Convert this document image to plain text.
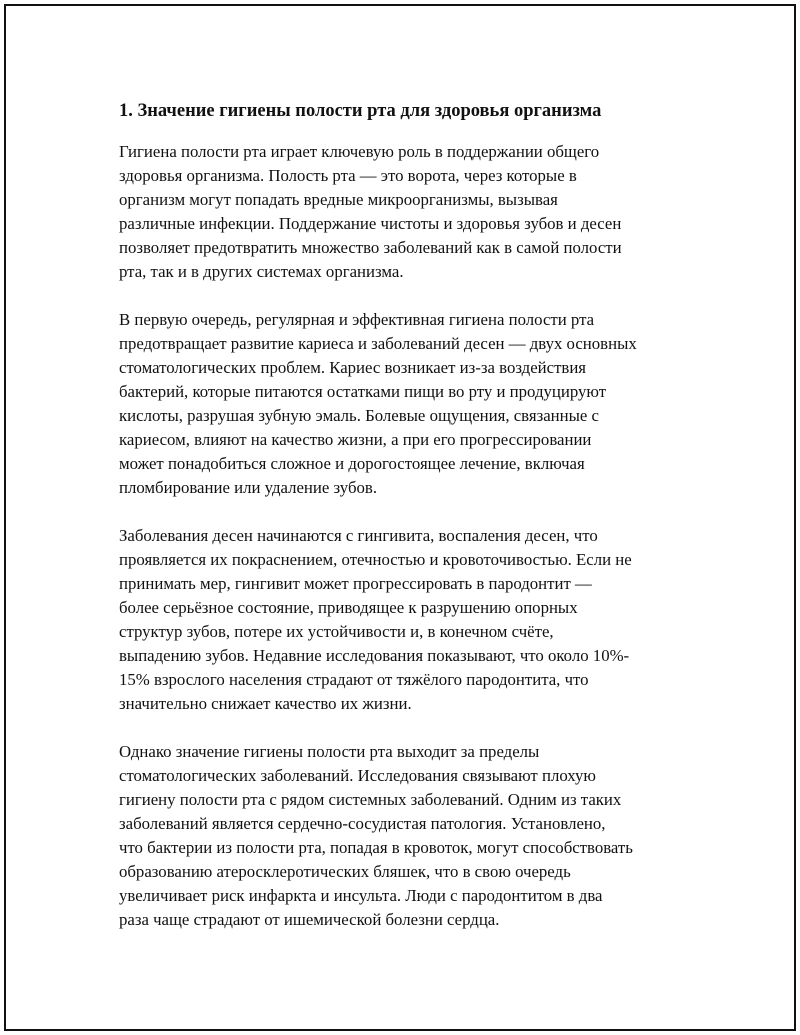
1. Значение гигиены полости рта для здоровья организма

Гигиена полости рта играет ключевую роль в поддержании общего
здоровья организма. Полость рта — это ворота, через которые в
организм могут попадать вредные микроорганизмы, вызывая
различные инфекции. Поддержание чистоты и здоровья зубов и десен
позволяет предотвратить множество заболеваний как в самой полости
рта, так и в других системах организма.

В первую очередь, регулярная и эффективная гигиена полости рта
предотвращает развитие кариеса и заболеваний десен — двух основных
стоматологических проблем. Кариес возникает из-за воздействия
бактерий, которые питаются остатками пищи во рту и продуцируют
кислоты, разрушая зубную эмаль. Болевые ощущения, связанные с
кариесом, влияют на качество жизни, а при его прогрессировании
может понадобиться сложное и дорогостоящее лечение, включая
пломбирование или удаление зубов.

Заболевания десен начинаются с гингивита, воспаления десен, что
проявляется их покраснением, отечностью и кровоточивостью. Если не
принимать мер, гингивит может прогрессировать в пародонтит —
более серьёзное состояние, приводящее к разрушению опорных
структур зубов, потере их устойчивости и, в конечном счёте,
выпадению зубов. Недавние исследования показывают, что около 10%-
15% взрослого населения страдают от тяжёлого пародонтита, что
значительно снижает качество их жизни.

Однако значение гигиены полости рта выходит за пределы
стоматологических заболеваний. Исследования связывают плохую
гигиену полости рта с рядом системных заболеваний. Одним из таких
заболеваний является сердечно-сосудистая патология. Установлено,
что бактерии из полости рта, попадая в кровоток, могут способствовать
образованию атеросклеротических бляшек, что в свою очередь
увеличивает риск инфаркта и инсульта. Люди с пародонтитом в два
раза чаще страдают от ишемической болезни сердца.
